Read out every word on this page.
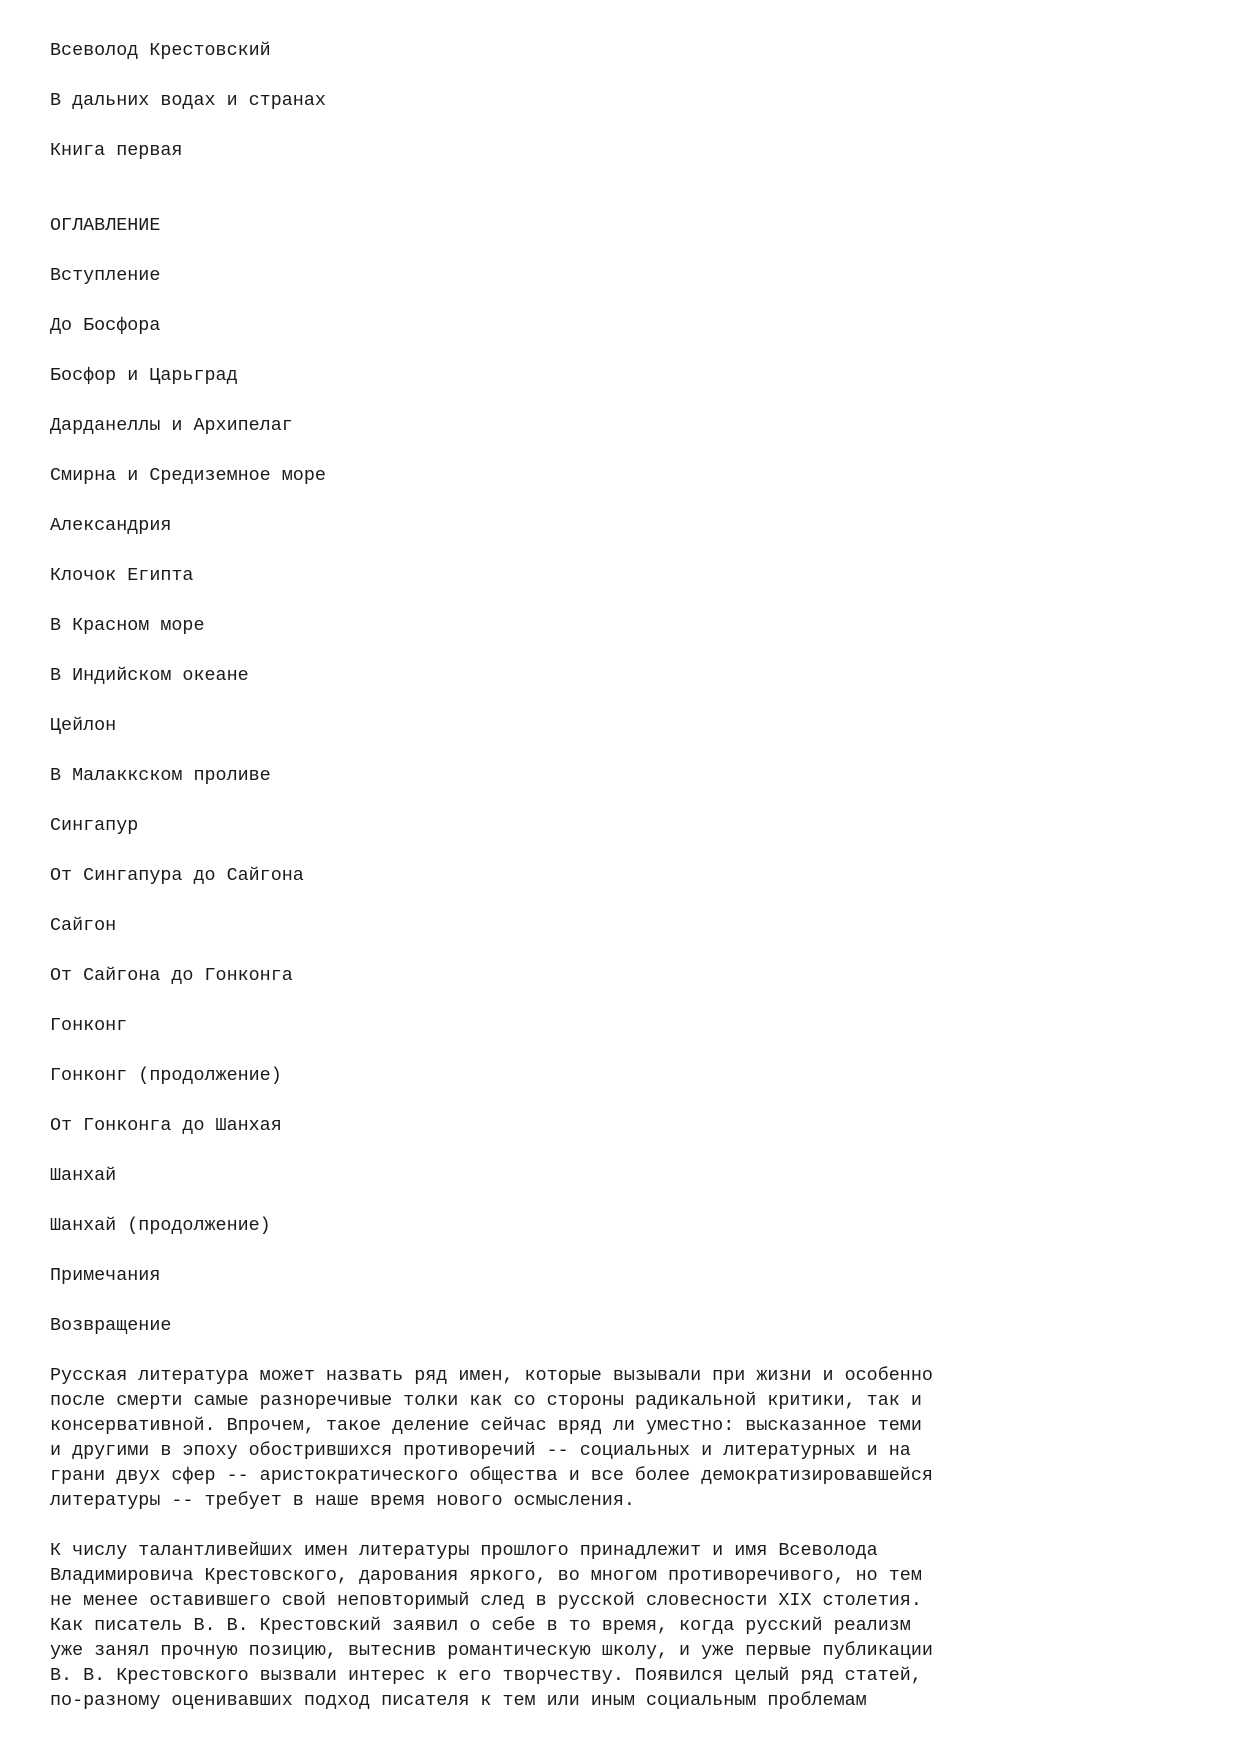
Всеволод Крестовский
В дальних водах и странах
Книга первая
ОГЛАВЛЕНИЕ
Вступление
До Босфора
Босфор и Царьград
Дарданеллы и Архипелаг
Смирна и Средиземное море
Александрия
Клочок Египта
В Красном море
В Индийском океане
Цейлон
В Малаккском проливе
Сингапур
От Сингапура до Сайгона
Сайгон
От Сайгона до Гонконга
Гонконг
Гонконг (продолжение)
От Гонконга до Шанхая
Шанхай
Шанхай (продолжение)
Примечания
Возвращение
Русская литература может назвать ряд имен, которые вызывали при жизни и особенно
после смерти самые разноречивые толки как со стороны радикальной критики, так и
консервативной. Впрочем, такое деление сейчас вряд ли уместно: высказанное теми
и другими в эпоху обострившихся противоречий -- социальных и литературных и на
грани двух сфер -- аристократического общества и все более демократизировавшейся
литературы -- требует в наше время нового осмысления.
К числу талантливейших имен литературы прошлого принадлежит и имя Всеволода
Владимировича Крестовского, дарования яркого, во многом противоречивого, но тем
не менее оставившего свой неповторимый след в русской словесности XIX столетия.
Как писатель В. В. Крестовский заявил о себе в то время, когда русский реализм
уже занял прочную позицию, вытеснив романтическую школу, и уже первые публикации
В. В. Крестовского вызвали интерес к его творчеству. Появился целый ряд статей,
по-разному оценивавших подход писателя к тем или иным социальным проблемам
